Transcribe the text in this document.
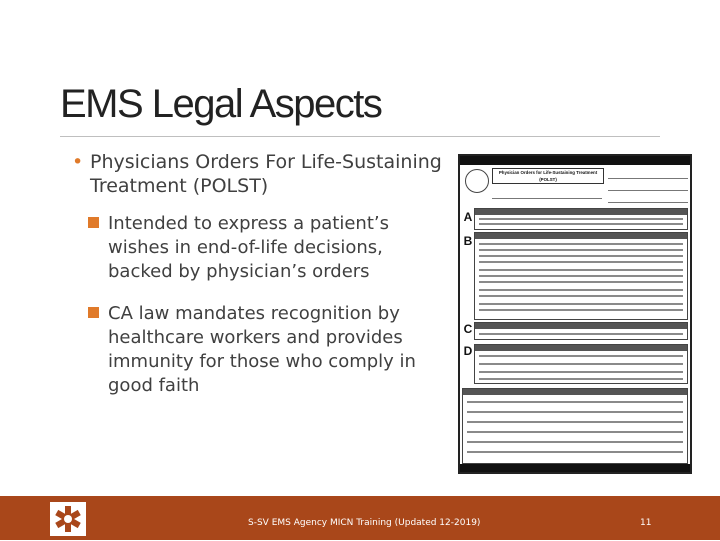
EMS Legal Aspects
• Physicians Orders For Life-Sustaining Treatment (POLST)
Intended to express a patient’s wishes in end-of-life decisions, backed by physician’s orders
CA law mandates recognition by healthcare workers and provides immunity for those who comply in good faith
Physician Orders for Life-Sustaining Treatment (POLST)
A
B
C
D
S-SV EMS Agency MICN Training (Updated 12-2019)	11
